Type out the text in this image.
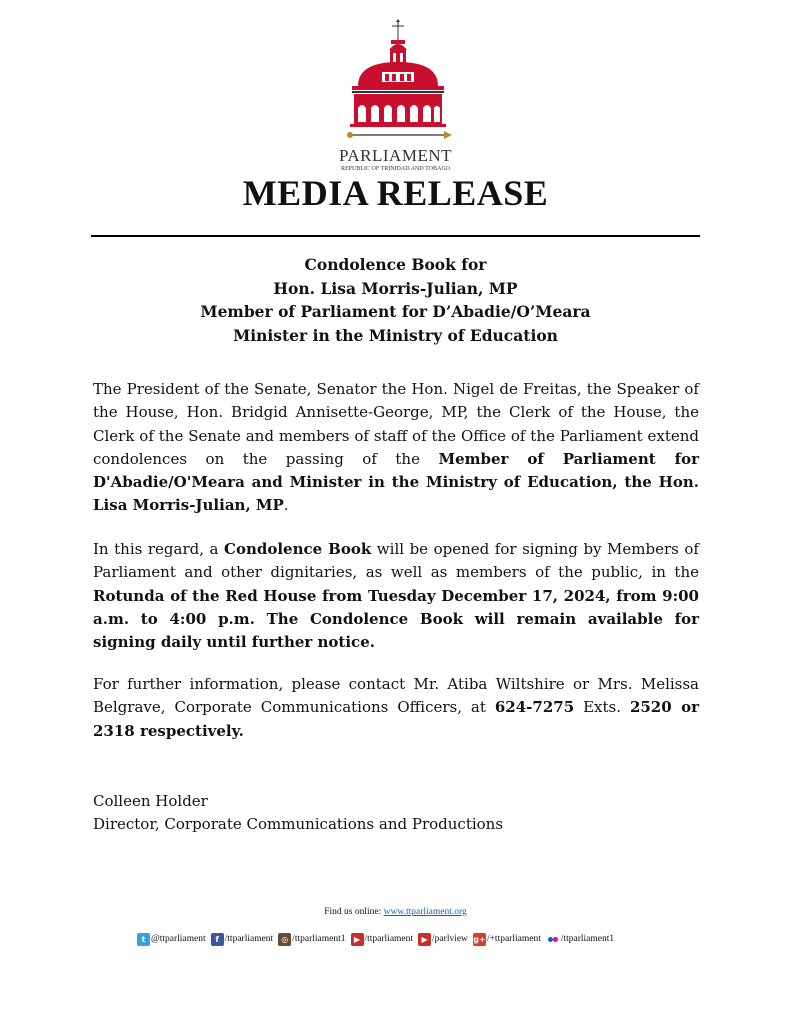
PARLIAMENT
REPUBLIC OF TRINIDAD AND TOBAGO
MEDIA RELEASE
Condolence Book for
Hon. Lisa Morris-Julian, MP
Member of Parliament for D’Abadie/O’Meara
Minister in the Ministry of Education
The President of the Senate, Senator the Hon. Nigel de Freitas, the Speaker of the House, Hon. Bridgid Annisette-George, MP, the Clerk of the House, the Clerk of the Senate and members of staff of the Office of the Parliament extend condolences on the passing of the Member of Parliament for D'Abadie/O'Meara and Minister in the Ministry of Education, the Hon. Lisa Morris-Julian, MP.
In this regard, a Condolence Book will be opened for signing by Members of Parliament and other dignitaries, as well as members of the public, in the Rotunda of the Red House from Tuesday December 17, 2024, from 9:00 a.m. to 4:00 p.m. The Condolence Book will remain available for signing daily until further notice.
For further information, please contact Mr. Atiba Wiltshire or Mrs. Melissa Belgrave, Corporate Communications Officers, at 624-7275 Exts. 2520 or 2318 respectively.
Colleen Holder
Director, Corporate Communications and Productions
Find us online: www.ttparliament.org
t @ttparliament	f /ttparliament	◎ /ttparliament1	▶ /ttparliament	▶ /parlview g+ /+ttparliament /ttparliament1
